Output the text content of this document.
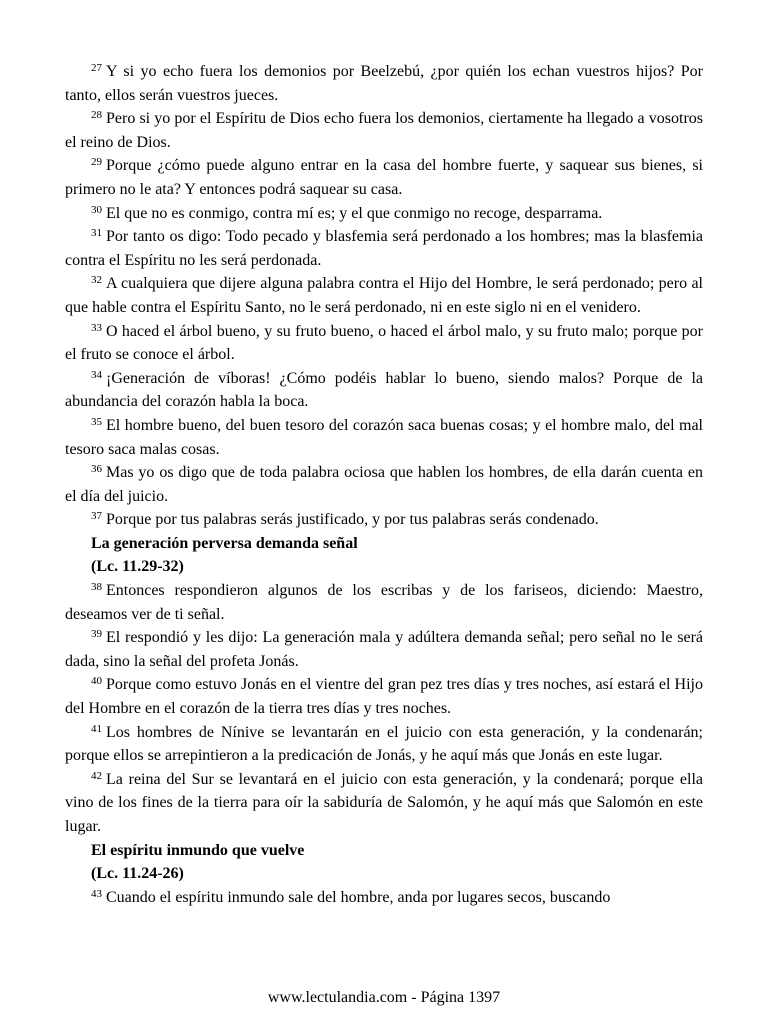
$^{27}$ Y si yo echo fuera los demonios por Beelzebú, ¿por quién los echan vuestros hijos? Por tanto, ellos serán vuestros jueces.

$^{28}$ Pero si yo por el Espíritu de Dios echo fuera los demonios, ciertamente ha llegado a vosotros el reino de Dios.

$^{29}$ Porque ¿cómo puede alguno entrar en la casa del hombre fuerte, y saquear sus bienes, si primero no le ata? Y entonces podrá saquear su casa.

$^{30}$ El que no es conmigo, contra mí es; y el que conmigo no recoge, desparrama.

$^{31}$ Por tanto os digo: Todo pecado y blasfemia será perdonado a los hombres; mas la blasfemia contra el Espíritu no les será perdonada.

$^{32}$ A cualquiera que dijere alguna palabra contra el Hijo del Hombre, le será perdonado; pero al que hable contra el Espíritu Santo, no le será perdonado, ni en este siglo ni en el venidero.

$^{33}$ O haced el árbol bueno, y su fruto bueno, o haced el árbol malo, y su fruto malo; porque por el fruto se conoce el árbol.

$^{34}$ ¡Generación de víboras! ¿Cómo podéis hablar lo bueno, siendo malos? Porque de la abundancia del corazón habla la boca.

$^{35}$ El hombre bueno, del buen tesoro del corazón saca buenas cosas; y el hombre malo, del mal tesoro saca malas cosas.

$^{36}$ Mas yo os digo que de toda palabra ociosa que hablen los hombres, de ella darán cuenta en el día del juicio.

$^{37}$ Porque por tus palabras serás justificado, y por tus palabras serás condenado.

La generación perversa demanda señal

(Lc. 11.29-32)

$^{38}$ Entonces respondieron algunos de los escribas y de los fariseos, diciendo: Maestro, deseamos ver de ti señal.

$^{39}$ El respondió y les dijo: La generación mala y adúltera demanda señal; pero señal no le será dada, sino la señal del profeta Jonás.

$^{40}$ Porque como estuvo Jonás en el vientre del gran pez tres días y tres noches, así estará el Hijo del Hombre en el corazón de la tierra tres días y tres noches.

$^{41}$ Los hombres de Nínive se levantarán en el juicio con esta generación, y la condenarán; porque ellos se arrepintieron a la predicación de Jonás, y he aquí más que Jonás en este lugar.

$^{42}$ La reina del Sur se levantará en el juicio con esta generación, y la condenará; porque ella vino de los fines de la tierra para oír la sabiduría de Salomón, y he aquí más que Salomón en este lugar.

El espíritu inmundo que vuelve

(Lc. 11.24-26)

$^{43}$ Cuando el espíritu inmundo sale del hombre, anda por lugares secos, buscando

www.lectulandia.com - Página 1397
